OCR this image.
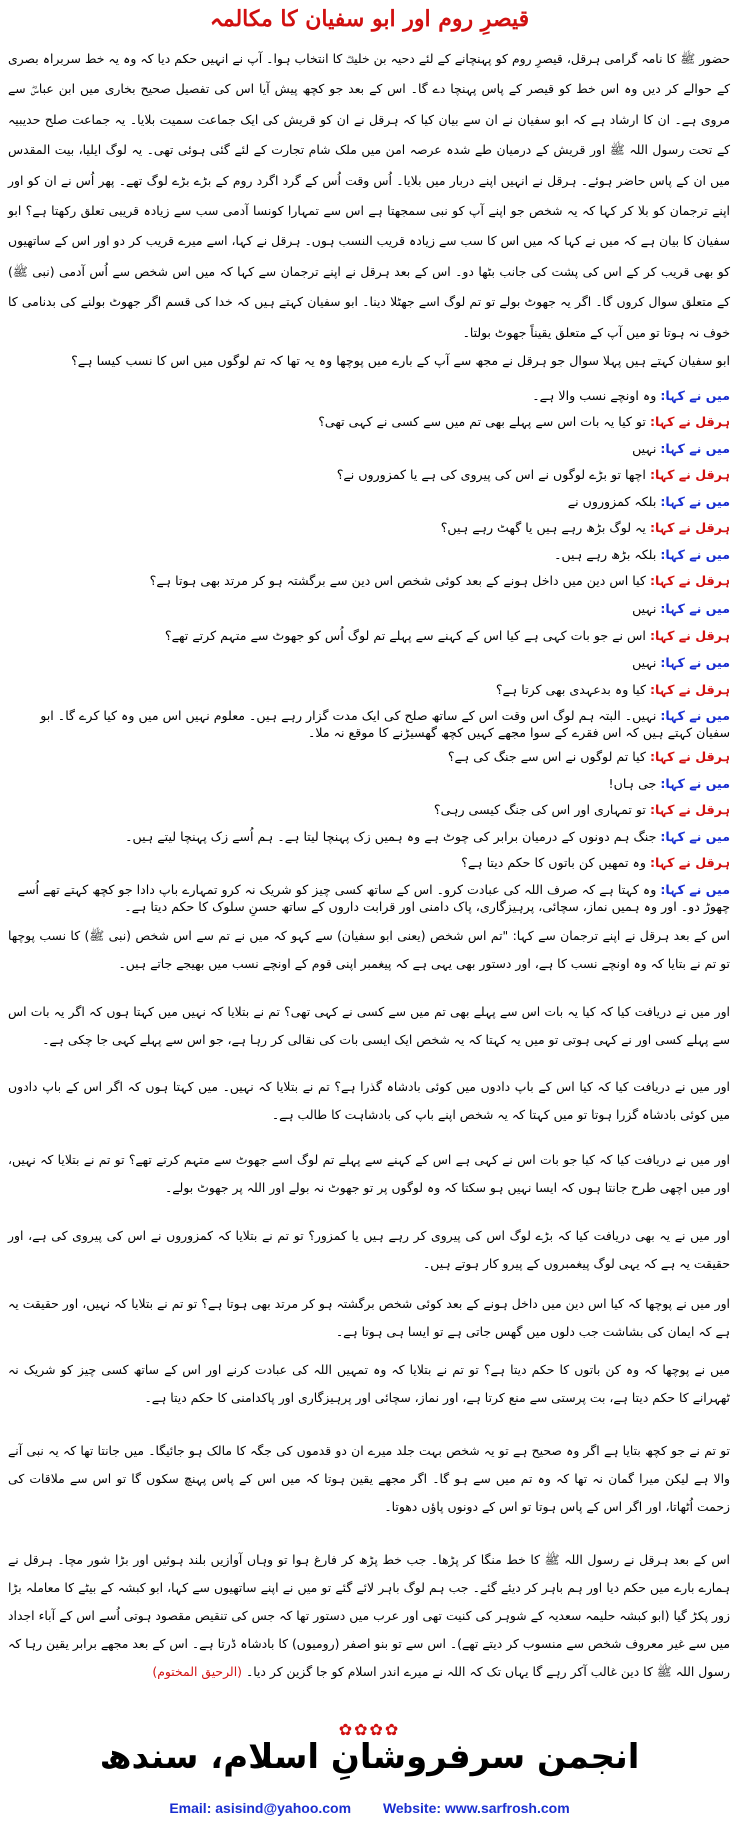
قیصرِ روم اور ابو سفیان کا مکالمہ

حضور ﷺ کا نامہ گرامی ہرقل، قیصرِ روم کو پہنچانے کے لئے دحیہ بن خلیفؓ کا انتخاب ہوا۔ آپ نے انہیں حکم دیا کہ وہ یہ خط سربراہ بصری کے حوالے کر دیں وہ اس خط کو قیصر کے پاس پہنچا دے گا۔ اس کے بعد جو کچھ پیش آیا اس کی تفصیل صحیح بخاری میں ابن عباسؓ سے مروی ہے۔ ان کا ارشاد ہے کہ ابو سفیان نے ان سے بیان کیا کہ ہرقل نے ان کو قریش کی ایک جماعت سمیت بلایا۔ یہ جماعت صلح حدیبیہ کے تحت رسول اللہ ﷺ اور قریش کے درمیان طے شدہ عرصہ امن میں ملک شام تجارت کے لئے گئی ہوئی تھی۔ یہ لوگ ایلیا، بیت المقدس میں ان کے پاس حاضر ہوئے۔ ہرقل نے انہیں اپنے دربار میں بلایا۔ اُس وقت اُس کے گرد اگرد روم کے بڑے بڑے لوگ تھے۔ پھر اُس نے ان کو اور اپنے ترجمان کو بلا کر کہا کہ یہ شخص جو اپنے آپ کو نبی سمجھتا ہے اس سے تمہارا کونسا آدمی سب سے زیادہ قریبی تعلق رکھتا ہے؟ ابو سفیان کا بیان ہے کہ میں نے کہا کہ میں اس کا سب سے زیادہ قریب النسب ہوں۔ ہرقل نے کہا، اسے میرے قریب کر دو اور اس کے ساتھیوں کو بھی قریب کر کے اس کی پشت کی جانب بٹھا دو۔ اس کے بعد ہرقل نے اپنے ترجمان سے کہا کہ میں اس شخص سے اُس آدمی (نبی ﷺ) کے متعلق سوال کروں گا۔ اگر یہ جھوٹ بولے تو تم لوگ اسے جھٹلا دینا۔ ابو سفیان کہتے ہیں کہ خدا کی قسم اگر جھوٹ بولنے کی بدنامی کا خوف نہ ہوتا تو میں آپ کے متعلق یقیناً جھوٹ بولتا۔

ابو سفیان کہتے ہیں پہلا سوال جو ہرقل نے مجھ سے آپ کے بارے میں پوچھا وہ یہ تھا کہ تم لوگوں میں اس کا نسب کیسا ہے؟
میں نے کہا: وہ اونچے نسب والا ہے۔
ہرقل نے کہا: تو کیا یہ بات اس سے پہلے بھی تم میں سے کسی نے کہی تھی؟
میں نے کہا: نہیں
ہرقل نے کہا: اچھا تو بڑے لوگوں نے اس کی پیروی کی ہے یا کمزوروں نے؟
میں نے کہا: بلکہ کمزوروں نے
ہرقل نے کہا: یہ لوگ بڑھ رہے ہیں یا گھٹ رہے ہیں؟
میں نے کہا: بلکہ بڑھ رہے ہیں۔
ہرقل نے کہا: کیا اس دین میں داخل ہونے کے بعد کوئی شخص اس دین سے برگشتہ ہو کر مرتد بھی ہوتا ہے؟
میں نے کہا: نہیں
ہرقل نے کہا: اس نے جو بات کہی ہے کیا اس کے کہنے سے پہلے تم لوگ اُس کو جھوٹ سے متہم کرتے تھے؟
میں نے کہا: نہیں
ہرقل نے کہا: کیا وہ بدعہدی بھی کرتا ہے؟
میں نے کہا: نہیں۔ البتہ ہم لوگ اس وقت اس کے ساتھ صلح کی ایک مدت گزار رہے ہیں۔ معلوم نہیں اس میں وہ کیا کرے گا۔ ابو سفیان کہتے ہیں کہ اس فقرے کے سوا مجھے کہیں کچھ گھسیڑنے کا موقع نہ ملا۔
ہرقل نے کہا: کیا تم لوگوں نے اس سے جنگ کی ہے؟
میں نے کہا: جی ہاں!
ہرقل نے کہا: تو تمہاری اور اس کی جنگ کیسی رہی؟
میں نے کہا: جنگ ہم دونوں کے درمیان برابر کی چوٹ ہے وہ ہمیں زک پہنچا لیتا ہے۔ ہم اُسے زک پہنچا لیتے ہیں۔
ہرقل نے کہا: وہ تمھیں کن باتوں کا حکم دیتا ہے؟
میں نے کہا: وہ کہتا ہے کہ صرف اللہ کی عبادت کرو۔ اس کے ساتھ کسی چیز کو شریک نہ کرو تمہارے باپ دادا جو کچھ کہتے تھے اُسے چھوڑ دو۔ اور وہ ہمیں نماز، سچائی، پرہیزگاری، پاک دامنی اور قرابت داروں کے ساتھ حسنِ سلوک کا حکم دیتا ہے۔
اس کے بعد ہرقل نے اپنے ترجمان سے کہا: "تم اس شخص (یعنی ابو سفیان) سے کہو کہ میں نے تم سے اس شخص (نبی ﷺ) کا نسب پوچھا تو تم نے بتایا کہ وہ اونچے نسب کا ہے، اور دستور بھی یہی ہے کہ پیغمبر اپنی قوم کے اونچے نسب میں بھیجے جاتے ہیں۔
اور میں نے دریافت کیا کہ کیا یہ بات اس سے پہلے بھی تم میں سے کسی نے کہی تھی؟ تم نے بتلایا کہ نہیں میں کہتا ہوں کہ اگر یہ بات اس سے پہلے کسی اور نے کہی ہوتی تو میں یہ کہتا کہ یہ شخص ایک ایسی بات کی نقالی کر رہا ہے، جو اس سے پہلے کہی جا چکی ہے۔
اور میں نے دریافت کیا کہ کیا اس کے باپ دادوں میں کوئی بادشاہ گذرا ہے؟ تم نے بتلایا کہ نہیں۔ میں کہتا ہوں کہ اگر اس کے باپ دادوں میں کوئی بادشاہ گزرا ہوتا تو میں کہتا کہ یہ شخص اپنے باپ کی بادشاہت کا طالب ہے۔
اور میں نے دریافت کیا کہ کیا جو بات اس نے کہی ہے اس کے کہنے سے پہلے تم لوگ اسے جھوٹ سے متہم کرتے تھے؟ تو تم نے بتلایا کہ نہیں، اور میں اچھی طرح جانتا ہوں کہ ایسا نہیں ہو سکتا کہ وہ لوگوں پر تو جھوٹ نہ بولے اور اللہ پر جھوٹ بولے۔
اور میں نے یہ بھی دریافت کیا کہ بڑے لوگ اس کی پیروی کر رہے ہیں یا کمزور؟ تو تم نے بتلایا کہ کمزوروں نے اس کی پیروی کی ہے، اور حقیقت یہ ہے کہ یہی لوگ پیغمبروں کے پیرو کار ہوتے ہیں۔
اور میں نے پوچھا کہ کیا اس دین میں داخل ہونے کے بعد کوئی شخص برگشتہ ہو کر مرتد بھی ہوتا ہے؟ تو تم نے بتلایا کہ نہیں، اور حقیقت یہ ہے کہ ایمان کی بشاشت جب دلوں میں گھس جاتی ہے تو ایسا ہی ہوتا ہے۔
میں نے پوچھا کہ وہ کن باتوں کا حکم دیتا ہے؟ تو تم نے بتلایا کہ وہ تمہیں اللہ کی عبادت کرنے اور اس کے ساتھ کسی چیز کو شریک نہ ٹھہرانے کا حکم دیتا ہے، بت پرستی سے منع کرتا ہے، اور نماز، سچائی اور پرہیزگاری اور پاکدامنی کا حکم دیتا ہے۔
تو تم نے جو کچھ بتایا ہے اگر وہ صحیح ہے تو یہ شخص بہت جلد میرے ان دو قدموں کی جگہ کا مالک ہو جائیگا۔ میں جانتا تھا کہ یہ نبی آنے والا ہے لیکن میرا گمان نہ تھا کہ وہ تم میں سے ہو گا۔ اگر مجھے یقین ہوتا کہ میں اس کے پاس پہنچ سکوں گا تو اس سے ملاقات کی زحمت اُٹھاتا، اور اگر اس کے پاس ہوتا تو اس کے دونوں پاؤں دھوتا۔
اس کے بعد ہرقل نے رسول اللہ ﷺ کا خط منگا کر پڑھا۔ جب خط پڑھ کر فارغ ہوا تو وہاں آوازیں بلند ہوئیں اور بڑا شور مچا۔ ہرقل نے ہمارے بارے میں حکم دیا اور ہم باہر کر دیئے گئے۔ جب ہم لوگ باہر لائے گئے تو میں نے اپنے ساتھیوں سے کہا، ابو کبشہ کے بیٹے کا معاملہ بڑا زور پکڑ گیا (ابو کبشہ حلیمہ سعدیہ کے شوہر کی کنیت تھی اور عرب میں دستور تھا کہ جس کی تنقیص مقصود ہوتی اُسے اس کے آباء اجداد میں سے غیر معروف شخص سے منسوب کر دیتے تھے)۔ اس سے تو بنو اصفر (رومیوں) کا بادشاہ ڈرتا ہے۔ اس کے بعد مجھے برابر یقین رہا کہ رسول اللہ ﷺ کا دین غالب آکر رہے گا یہاں تک کہ اللہ نے میرے اندر اسلام کو جا گزین کر دیا۔ (الرحیق المختوم)
✿✿✿✿
انجمن سرفروشانِ اسلام، سندھ
Email: asisind@yahoo.com Website: www.sarfrosh.com
